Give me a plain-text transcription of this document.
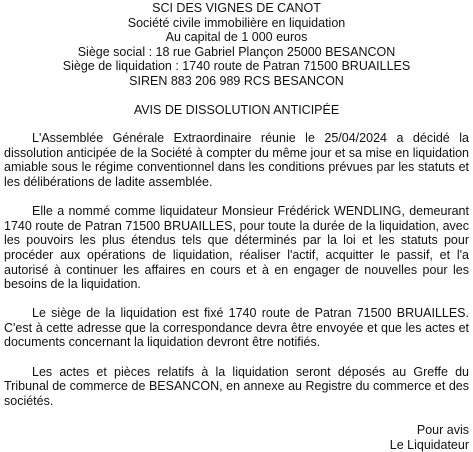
SCI DES VIGNES DE CANOT
Société civile immobilière en liquidation
Au capital de 1 000 euros
Siège social : 18 rue Gabriel Plançon 25000 BESANCON
Siège de liquidation : 1740 route de Patran 71500 BRUAILLES
SIREN 883 206 989 RCS BESANCON
AVIS DE DISSOLUTION ANTICIPÉE

L'Assemblée Générale Extraordinaire réunie le 25/04/2024 a décidé la dissolution anticipée de la Société à compter du même jour et sa mise en liquidation amiable sous le régime conventionnel dans les conditions prévues par les statuts et les délibérations de ladite assemblée.

Elle a nommé comme liquidateur Monsieur Frédérick WENDLING, demeurant 1740 route de Patran 71500 BRUAILLES, pour toute la durée de la liquidation, avec les pouvoirs les plus étendus tels que déterminés par la loi et les statuts pour procéder aux opérations de liquidation, réaliser l'actif, acquitter le passif, et l'a autorisé à continuer les affaires en cours et à en engager de nouvelles pour les besoins de la liquidation.

Le siège de la liquidation est fixé 1740 route de Patran 71500 BRUAILLES. C'est à cette adresse que la correspondance devra être envoyée et que les actes et documents concernant la liquidation devront être notifiés.

Les actes et pièces relatifs à la liquidation seront déposés au Greffe du Tribunal de commerce de BESANCON, en annexe au Registre du commerce et des sociétés.

Pour avis
Le Liquidateur
